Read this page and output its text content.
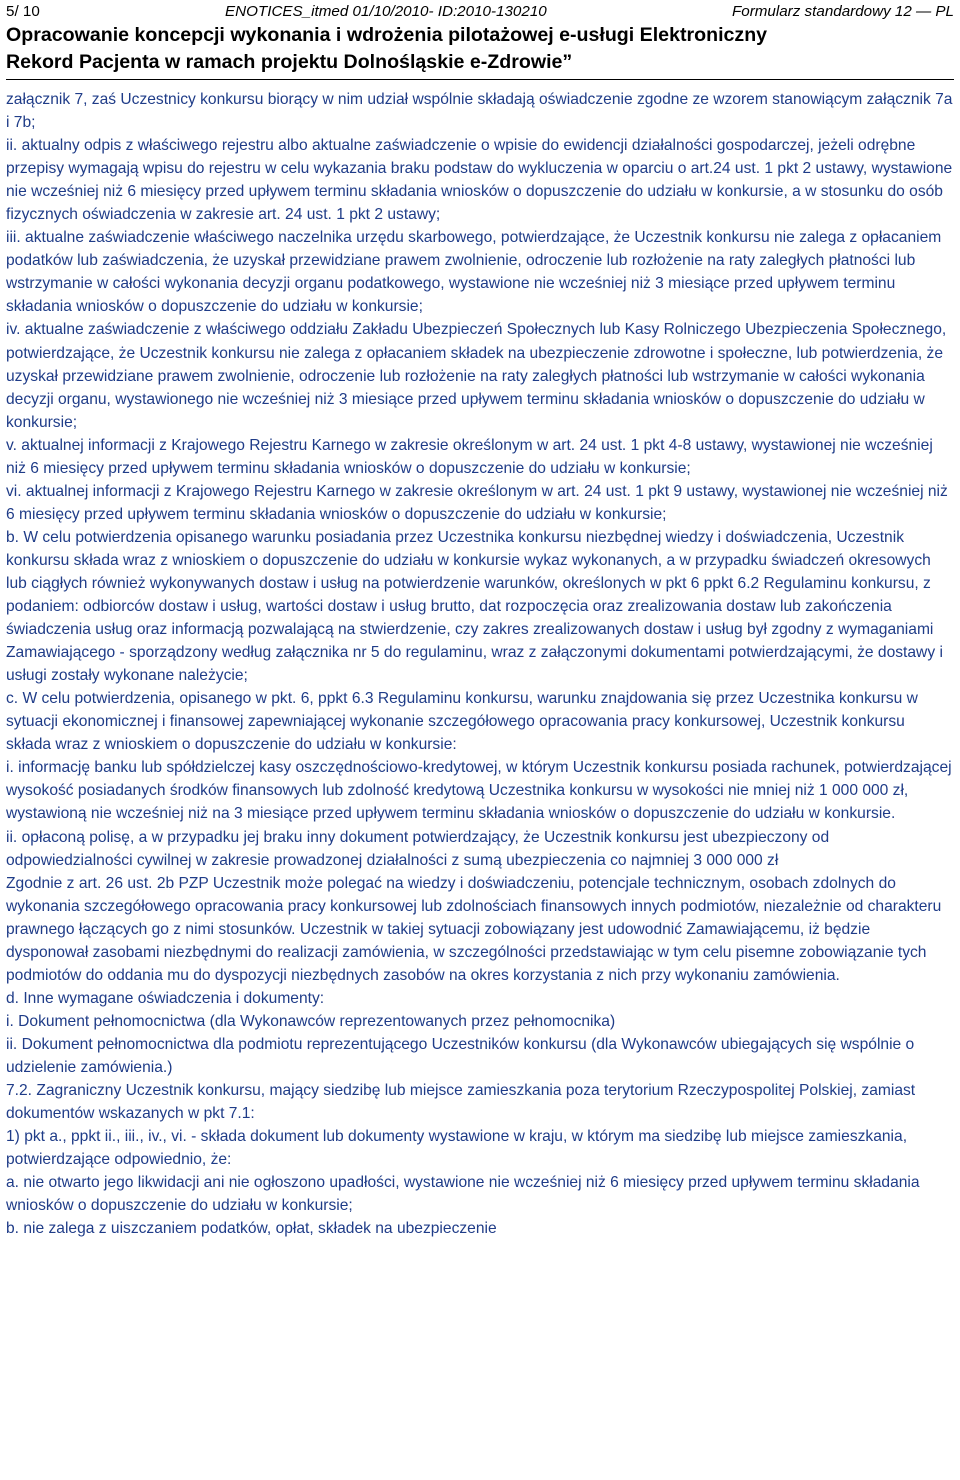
5/ 10	ENOTICES_itmed 01/10/2010- ID:2010-130210	Formularz standardowy 12 — PL
Opracowanie koncepcji wykonania i wdrożenia pilotażowej e-usługi Elektroniczny
Rekord Pacjenta w ramach projektu Dolnośląskie e-Zdrowie”

załącznik 7, zaś Uczestnicy konkursu biorący w nim udział wspólnie składają oświadczenie zgodne ze wzorem stanowiącym załącznik 7a i 7b;

ii. aktualny odpis z właściwego rejestru albo aktualne zaświadczenie o wpisie do ewidencji działalności gospodarczej, jeżeli odrębne przepisy wymagają wpisu do rejestru w celu wykazania braku podstaw do wykluczenia w oparciu o art.24 ust. 1 pkt 2 ustawy, wystawione nie wcześniej niż 6 miesięcy przed upływem terminu składania wniosków o dopuszczenie do udziału w konkursie, a w stosunku do osób fizycznych oświadczenia w zakresie art. 24 ust. 1 pkt 2 ustawy;

iii. aktualne zaświadczenie właściwego naczelnika urzędu skarbowego, potwierdzające, że Uczestnik konkursu nie zalega z opłacaniem podatków lub zaświadczenia, że uzyskał przewidziane prawem zwolnienie, odroczenie lub rozłożenie na raty zaległych płatności lub wstrzymanie w całości wykonania decyzji organu podatkowego, wystawione nie wcześniej niż 3 miesiące przed upływem terminu składania wniosków o dopuszczenie do udziału w konkursie;

iv. aktualne zaświadczenie z właściwego oddziału Zakładu Ubezpieczeń Społecznych lub Kasy Rolniczego Ubezpieczenia Społecznego, potwierdzające, że Uczestnik konkursu nie zalega z opłacaniem składek na ubezpieczenie zdrowotne i społeczne, lub potwierdzenia, że uzyskał przewidziane prawem zwolnienie, odroczenie lub rozłożenie na raty zaległych płatności lub wstrzymanie w całości wykonania decyzji organu, wystawionego nie wcześniej niż 3 miesiące przed upływem terminu składania wniosków o dopuszczenie do udziału w konkursie;

v. aktualnej informacji z Krajowego Rejestru Karnego w zakresie określonym w art. 24 ust. 1 pkt 4-8 ustawy, wystawionej nie wcześniej niż 6 miesięcy przed upływem terminu składania wniosków o dopuszczenie do udziału w konkursie;

vi. aktualnej informacji z Krajowego Rejestru Karnego w zakresie określonym w art. 24 ust. 1 pkt 9 ustawy, wystawionej nie wcześniej niż 6 miesięcy przed upływem terminu składania wniosków o dopuszczenie do udziału w konkursie;

b. W celu potwierdzenia opisanego warunku posiadania przez Uczestnika konkursu niezbędnej wiedzy i doświadczenia, Uczestnik konkursu składa wraz z wnioskiem o dopuszczenie do udziału w konkursie wykaz wykonanych, a w przypadku świadczeń okresowych lub ciągłych również wykonywanych dostaw i usług na potwierdzenie warunków, określonych w pkt 6 ppkt 6.2 Regulaminu konkursu, z podaniem: odbiorców dostaw i usług, wartości dostaw i usług brutto, dat rozpoczęcia oraz zrealizowania dostaw lub zakończenia świadczenia usług oraz informacją pozwalającą na stwierdzenie, czy zakres zrealizowanych dostaw i usług był zgodny z wymaganiami Zamawiającego - sporządzony według załącznika nr 5 do regulaminu, wraz z załączonymi dokumentami potwierdzającymi, że dostawy i usługi zostały wykonane należycie;

c. W celu potwierdzenia, opisanego w pkt. 6, ppkt 6.3 Regulaminu konkursu, warunku znajdowania się przez Uczestnika konkursu w sytuacji ekonomicznej i finansowej zapewniającej wykonanie szczegółowego opracowania pracy konkursowej, Uczestnik konkursu składa wraz z wnioskiem o dopuszczenie do udziału w konkursie:

i. informację banku lub spółdzielczej kasy oszczędnościowo-kredytowej, w którym Uczestnik konkursu posiada rachunek, potwierdzającej wysokość posiadanych środków finansowych lub zdolność kredytową Uczestnika konkursu w wysokości nie mniej niż 1 000 000 zł, wystawioną nie wcześniej niż na 3 miesiące przed upływem terminu składania wniosków o dopuszczenie do udziału w konkursie.

ii. opłaconą polisę, a w przypadku jej braku inny dokument potwierdzający, że Uczestnik konkursu jest ubezpieczony od odpowiedzialności cywilnej w zakresie prowadzonej działalności z sumą ubezpieczenia co najmniej 3 000 000 zł

Zgodnie z art. 26 ust. 2b PZP Uczestnik może polegać na wiedzy i doświadczeniu, potencjale technicznym, osobach zdolnych do wykonania szczegółowego opracowania pracy konkursowej lub zdolnościach finansowych innych podmiotów, niezależnie od charakteru prawnego łączących go z nimi stosunków. Uczestnik w takiej sytuacji zobowiązany jest udowodnić Zamawiającemu, iż będzie dysponował zasobami niezbędnymi do realizacji zamówienia, w szczególności przedstawiając w tym celu pisemne zobowiązanie tych podmiotów do oddania mu do dyspozycji niezbędnych zasobów na okres korzystania z nich przy wykonaniu zamówienia.

d. Inne wymagane oświadczenia i dokumenty:

i. Dokument pełnomocnictwa (dla Wykonawców reprezentowanych przez pełnomocnika)

ii. Dokument pełnomocnictwa dla podmiotu reprezentującego Uczestników konkursu (dla Wykonawców ubiegających się wspólnie o udzielenie zamówienia.)

7.2. Zagraniczny Uczestnik konkursu, mający siedzibę lub miejsce zamieszkania poza terytorium Rzeczypospolitej Polskiej, zamiast dokumentów wskazanych w pkt 7.1:

1) pkt a., ppkt ii., iii., iv., vi. - składa dokument lub dokumenty wystawione w kraju, w którym ma siedzibę lub miejsce zamieszkania, potwierdzające odpowiednio, że:

a. nie otwarto jego likwidacji ani nie ogłoszono upadłości, wystawione nie wcześniej niż 6 miesięcy przed upływem terminu składania wniosków o dopuszczenie do udziału w konkursie;

b. nie zalega z uiszczaniem podatków, opłat, składek na ubezpieczenie
